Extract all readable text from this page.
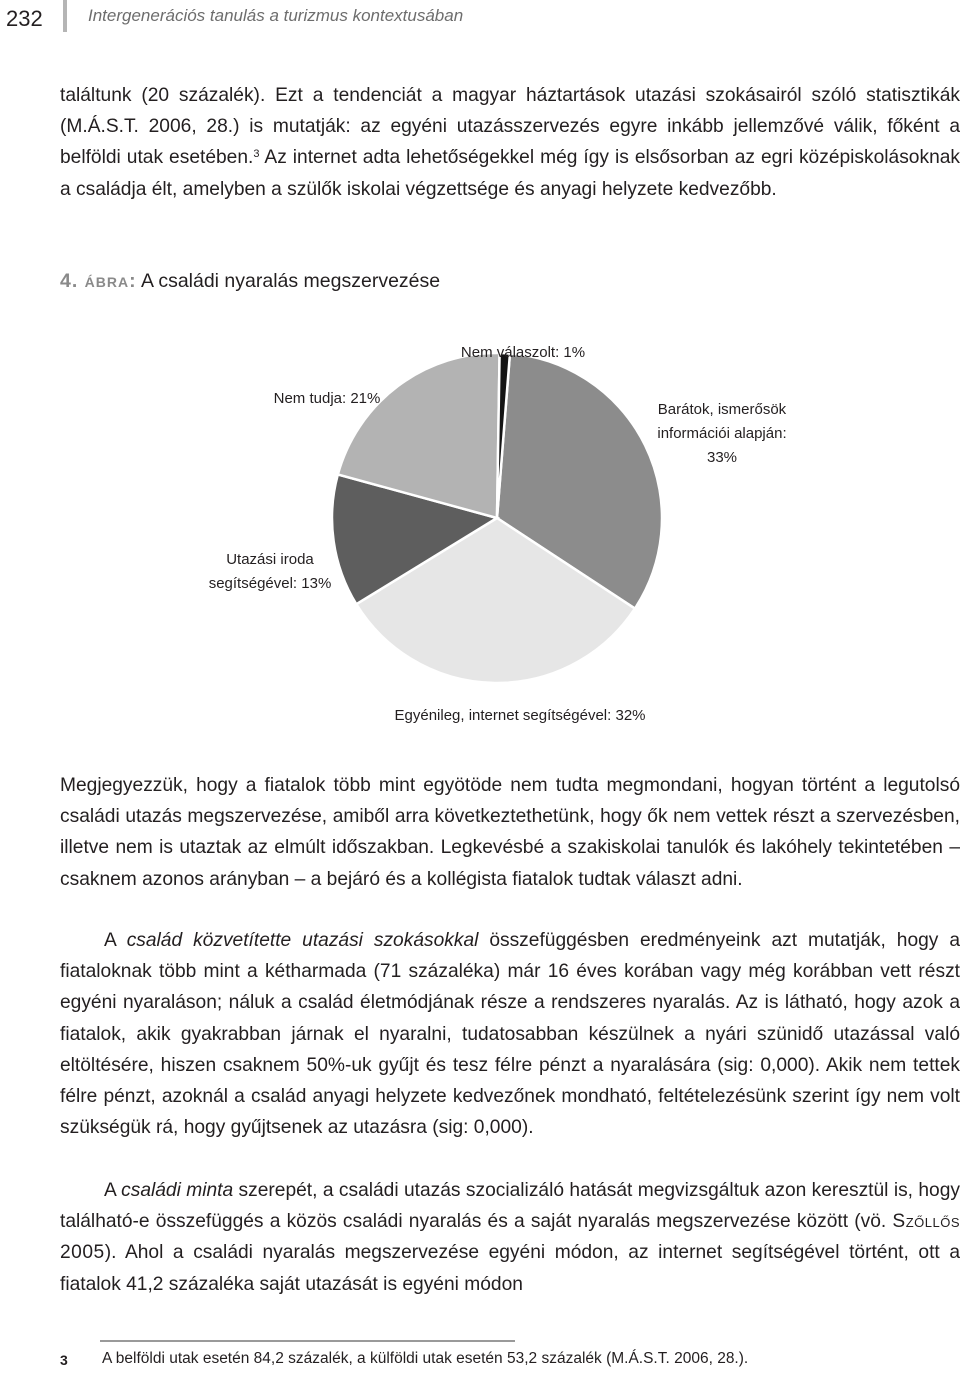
232	Intergenerációs tanulás a turizmus kontextusában

találtunk (20 százalék). Ezt a tendenciát a magyar háztartások utazási szokásairól szóló statisztikák (M.Á.S.T. 2006, 28.) is mutatják: az egyéni utazásszervezés egyre inkább jellemzővé válik, főként a belföldi utak esetében.$^3$ Az internet adta lehetőségekkel még így is elsősorban az egri középiskolásoknak a családja élt, amelyben a szülők iskolai végzettsége és anyagi helyzete kedvezőbb.

4. ábra: A családi nyaralás megszervezése
Barátok, ismerősök információi alapján: 33%
Egyénileg, internet segítségével: 32%
Utazási iroda segítségével: 13%
Nem tudja: 21%
Nem válaszolt: 1%

Megjegyezzük, hogy a fiatalok több mint egyötöde nem tudta megmondani, hogyan történt a legutolsó családi utazás megszervezése, amiből arra következtethetünk, hogy ők nem vettek részt a szervezésben, illetve nem is utaztak az elmúlt időszakban. Legkevésbé a szakiskolai tanulók és lakóhely tekintetében – csaknem azonos arányban – a bejáró és a kollégista fiatalok tudtak választ adni.

A család közvetítette utazási szokásokkal összefüggésben eredményeink azt mutatják, hogy a fiataloknak több mint a kétharmada (71 százaléka) már 16 éves korában vagy még korábban vett részt egyéni nyaraláson; náluk a család életmódjának része a rendszeres nyaralás. Az is látható, hogy azok a fiatalok, akik gyakrabban járnak el nyaralni, tudatosabban készülnek a nyári szünidő utazással való eltöltésére, hiszen csaknem 50%-uk gyűjt és tesz félre pénzt a nyaralására (sig: 0,000). Akik nem tettek félre pénzt, azoknál a család anyagi helyzete kedvezőnek mondható, feltételezésünk szerint így nem volt szükségük rá, hogy gyűjtsenek az utazásra (sig: 0,000).

A családi minta szerepét, a családi utazás szocializáló hatását megvizsgáltuk azon keresztül is, hogy található-e összefüggés a közös családi nyaralás és a saját nyaralás megszervezése között (vö. Szőllős 2005). Ahol a családi nyaralás megszervezése egyéni módon, az internet segítségével történt, ott a fiatalok 41,2 százaléka saját utazását is egyéni módon

3 A belföldi utak esetén 84,2 százalék, a külföldi utak esetén 53,2 százalék (M.Á.S.T. 2006, 28.).
